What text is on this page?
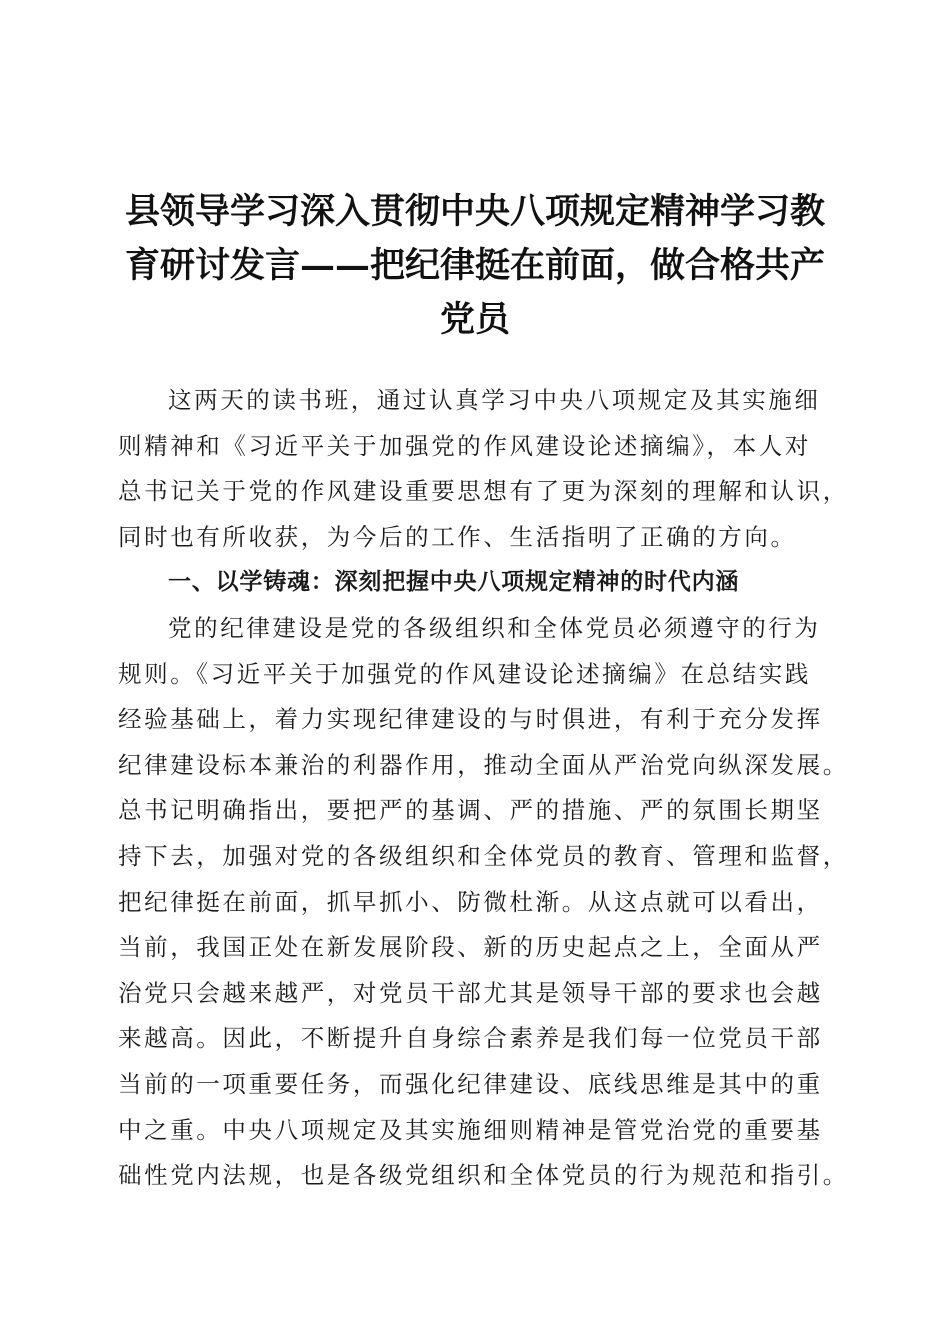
县领导学习深入贯彻中央八项规定精神学习教
育研讨发言——把纪律挺在前面，做合格共产
党员
这两天的读书班，通过认真学习中央八项规定及其实施细
则精神和《习近平关于加强党的作风建设论述摘编》，本人对
总书记关于党的作风建设重要思想有了更为深刻的理解和认识，
同时也有所收获，为今后的工作、生活指明了正确的方向。
一、以学铸魂：深刻把握中央八项规定精神的时代内涵
党的纪律建设是党的各级组织和全体党员必须遵守的行为
规则。《习近平关于加强党的作风建设论述摘编》在总结实践
经验基础上，着力实现纪律建设的与时俱进，有利于充分发挥
纪律建设标本兼治的利器作用，推动全面从严治党向纵深发展。
总书记明确指出，要把严的基调、严的措施、严的氛围长期坚
持下去，加强对党的各级组织和全体党员的教育、管理和监督，
把纪律挺在前面，抓早抓小、防微杜渐。从这点就可以看出，
当前，我国正处在新发展阶段、新的历史起点之上，全面从严
治党只会越来越严，对党员干部尤其是领导干部的要求也会越
来越高。因此，不断提升自身综合素养是我们每一位党员干部
当前的一项重要任务，而强化纪律建设、底线思维是其中的重
中之重。中央八项规定及其实施细则精神是管党治党的重要基
础性党内法规，也是各级党组织和全体党员的行为规范和指引。
